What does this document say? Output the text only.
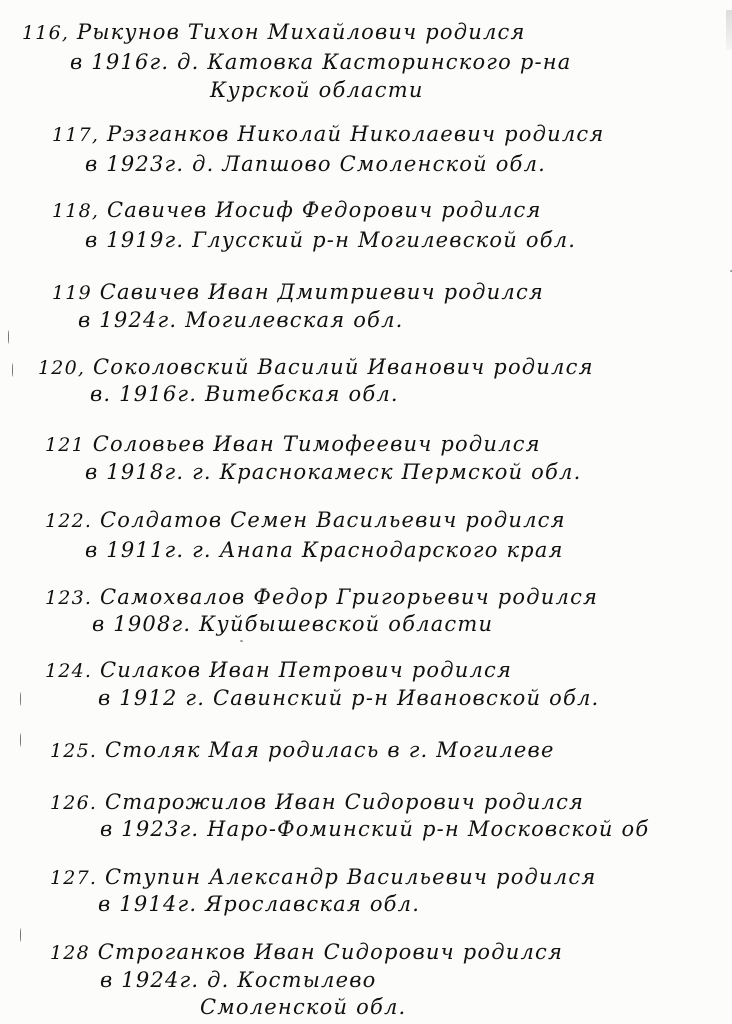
116, Рыкунов Тихон Михайлович родился
в 1916г. д. Катовка Касторинского р-на
Курской области
117, Рэзганков Николай Николаевич родился
в 1923г. д. Лапшово Смоленской обл.
118, Савичев Иосиф Федорович родился
в 1919г. Глусский р-н Могилевской обл.
119 Савичев Иван Дмитриевич родился
в 1924г. Могилевская обл.
120, Соколовский Василий Иванович родился
в. 1916г. Витебская обл.
121 Соловьев Иван Тимофеевич родился
в 1918г. г. Краснокамеск Пермской обл.
122. Солдатов Семен Васильевич родился
в 1911г. г. Анапа Краснодарского края
123. Самохвалов Федор Григорьевич родился
в 1908г. Куйбышевской области
124. Силаков Иван Петрович родился
в 1912 г. Савинский р-н Ивановской обл.
125. Столяк Мая родилась в г. Могилеве
126. Старожилов Иван Сидорович родился
в 1923г. Наро-Фоминский р-н Московской об
127. Ступин Александр Васильевич родился
в 1914г. Ярославская обл.
128 Строганков Иван Сидорович родился
в 1924г. д. Костылево
Смоленской обл.
